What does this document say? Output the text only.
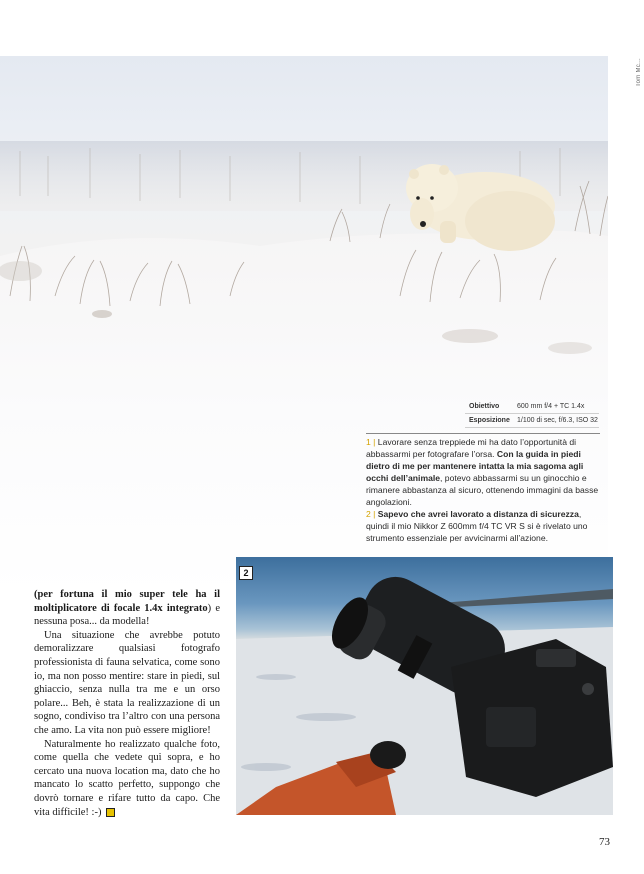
Tom Mc...
Obiettivo	600 mm f/4 + TC 1.4x
Esposizione	1/100 di sec, f/6.3, ISO 32
1 | Lavorare senza treppiede mi ha dato l’opportunità di abbassarmi per fotografare l’orsa. Con la guida in piedi dietro di me per mantenere intatta la mia sagoma agli occhi dell’animale, potevo abbassarmi su un ginocchio e rimanere abbastanza al sicuro, ottenendo immagini da basse angolazioni.
2 | Sapevo che avrei lavorato a distanza di sicurezza, quindi il mio Nikkor Z 600mm f/4 TC VR S si è rivelato uno strumento essenziale per avvicinarmi all’azione.

(per fortuna il mio super tele ha il moltiplicatore di focale 1.4x integrato) e nessuna posa... da modella!

Una situazione che avrebbe potuto demoralizzare qualsiasi fotografo professionista di fauna selvatica, come sono io, ma non posso mentire: stare in piedi, sul ghiaccio, senza nulla tra me e un orso polare... Beh, è stata la realizzazione di un sogno, condiviso tra l’altro con una persona che amo. La vita non può essere migliore!

Naturalmente ho realizzato qualche foto, come quella che vedete qui sopra, e ho cercato una nuova location ma, dato che ho mancato lo scatto perfetto, suppongo che dovrò tornare e rifare tutto da capo. Che vita difficile! :-)

2
73
